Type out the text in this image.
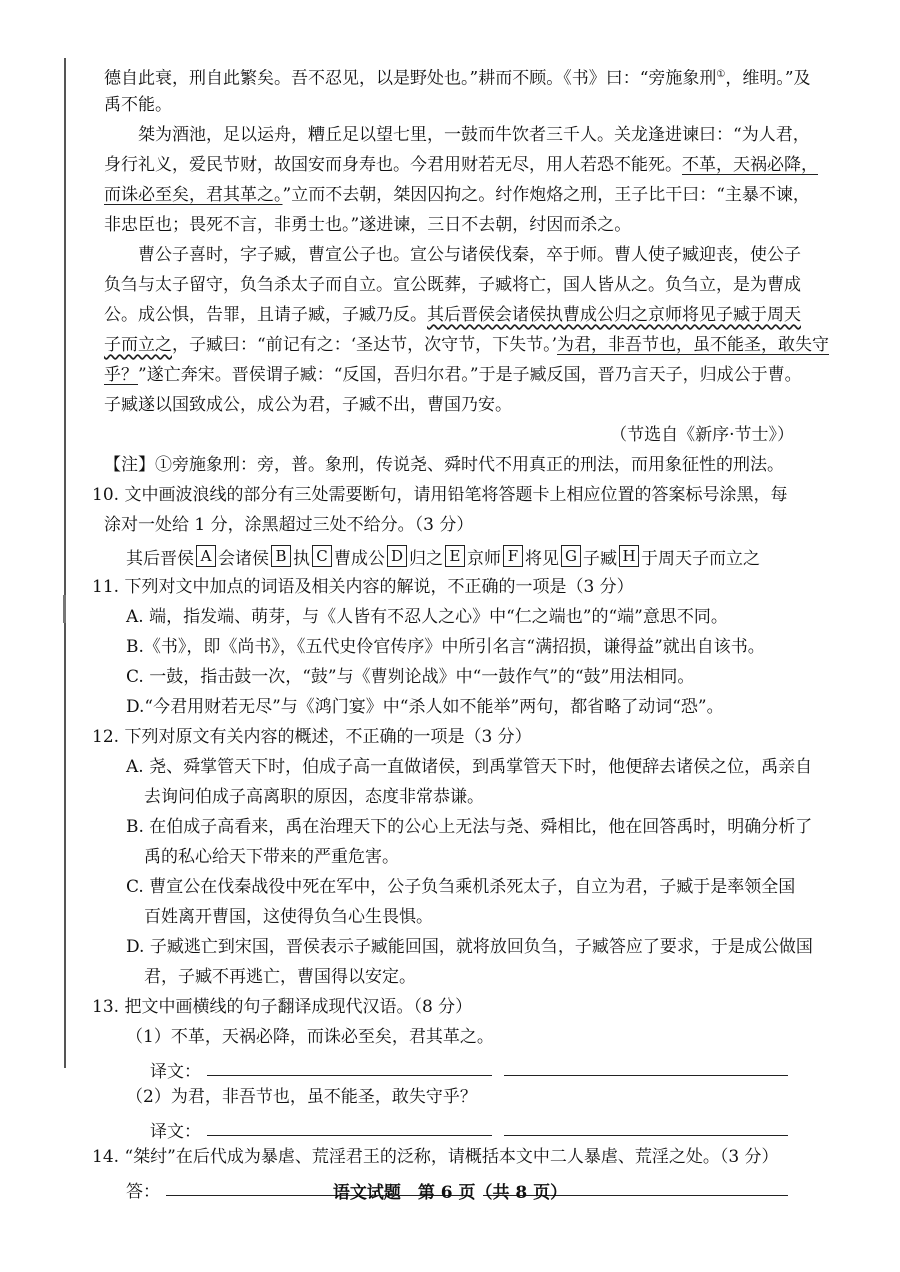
德自此衰，刑自此繁矣。吾不忍见，以是野处也。”耕而不顾。《书》曰：“旁施象刑①，维明。”及

禹不能。

桀为酒池，足以运舟，糟丘足以望七里，一鼓而牛饮者三千人。关龙逢进谏曰：“为人君，

身行礼义，爱民节财，故国安而身寿也。今君用财若无尽，用人若恐不能死。不革，天祸必降，

而诛必至矣，君其革之。”立而不去朝，桀因囚拘之。纣作炮烙之刑，王子比干曰：“主暴不谏，

非忠臣也；畏死不言，非勇士也。”遂进谏，三日不去朝，纣因而杀之。

曹公子喜时，字子臧，曹宣公子也。宣公与诸侯伐秦，卒于师。曹人使子臧迎丧，使公子

负刍与太子留守，负刍杀太子而自立。宣公既葬，子臧将亡，国人皆从之。负刍立，是为曹成

公。成公惧，告罪，且请子臧，子臧乃反。其后晋侯会诸侯执曹成公归之京师将见子臧于周天

子而立之，子臧曰：“前记有之：‘圣达节，次守节，下失节。’为君，非吾节也，虽不能圣，敢失守

乎？”遂亡奔宋。晋侯谓子臧：“反国，吾归尔君。”于是子臧反国，晋乃言天子，归成公于曹。

子臧遂以国致成公，成公为君，子臧不出，曹国乃安。

（节选自《新序·节士》）

【注】①旁施象刑：旁，普。象刑，传说尧、舜时代不用真正的刑法，而用象征性的刑法。

10. 文中画波浪线的部分有三处需要断句，请用铅笔将答题卡上相应位置的答案标号涂黑，每

涂对一处给 1 分，涂黑超过三处不给分。（3 分）

其后晋侯 A 会诸侯 B 执 C 曹成公 D 归之 E 京师 F 将见 G 子臧 H 于周天子而立之

11. 下列对文中加点的词语及相关内容的解说，不正确的一项是（3 分）

A. 端，指发端、萌芽，与《人皆有不忍人之心》中“仁之端也”的“端”意思不同。

B.《书》，即《尚书》，《五代史伶官传序》中所引名言“满招损，谦得益”就出自该书。

C. 一鼓，指击鼓一次，“鼓”与《曹刿论战》中“一鼓作气”的“鼓”用法相同。

D.“今君用财若无尽”与《鸿门宴》中“杀人如不能举”两句，都省略了动词“恐”。

12. 下列对原文有关内容的概述，不正确的一项是（3 分）

A. 尧、舜掌管天下时，伯成子高一直做诸侯，到禹掌管天下时，他便辞去诸侯之位，禹亲自

去询问伯成子高离职的原因，态度非常恭谦。

B. 在伯成子高看来，禹在治理天下的公心上无法与尧、舜相比，他在回答禹时，明确分析了

禹的私心给天下带来的严重危害。

C. 曹宣公在伐秦战役中死在军中，公子负刍乘机杀死太子，自立为君，子臧于是率领全国

百姓离开曹国，这使得负刍心生畏惧。

D. 子臧逃亡到宋国，晋侯表示子臧能回国，就将放回负刍，子臧答应了要求，于是成公做国

君，子臧不再逃亡，曹国得以安定。

13. 把文中画横线的句子翻译成现代汉语。（8 分）

（1）不革，天祸必降，而诛必至矣，君其革之。

译文：

（2）为君，非吾节也，虽不能圣，敢失守乎？

译文：

14. “桀纣”在后代成为暴虐、荒淫君王的泛称，请概括本文中二人暴虐、荒淫之处。（3 分）

答：	语文试题　第 6 页（共 8 页）
